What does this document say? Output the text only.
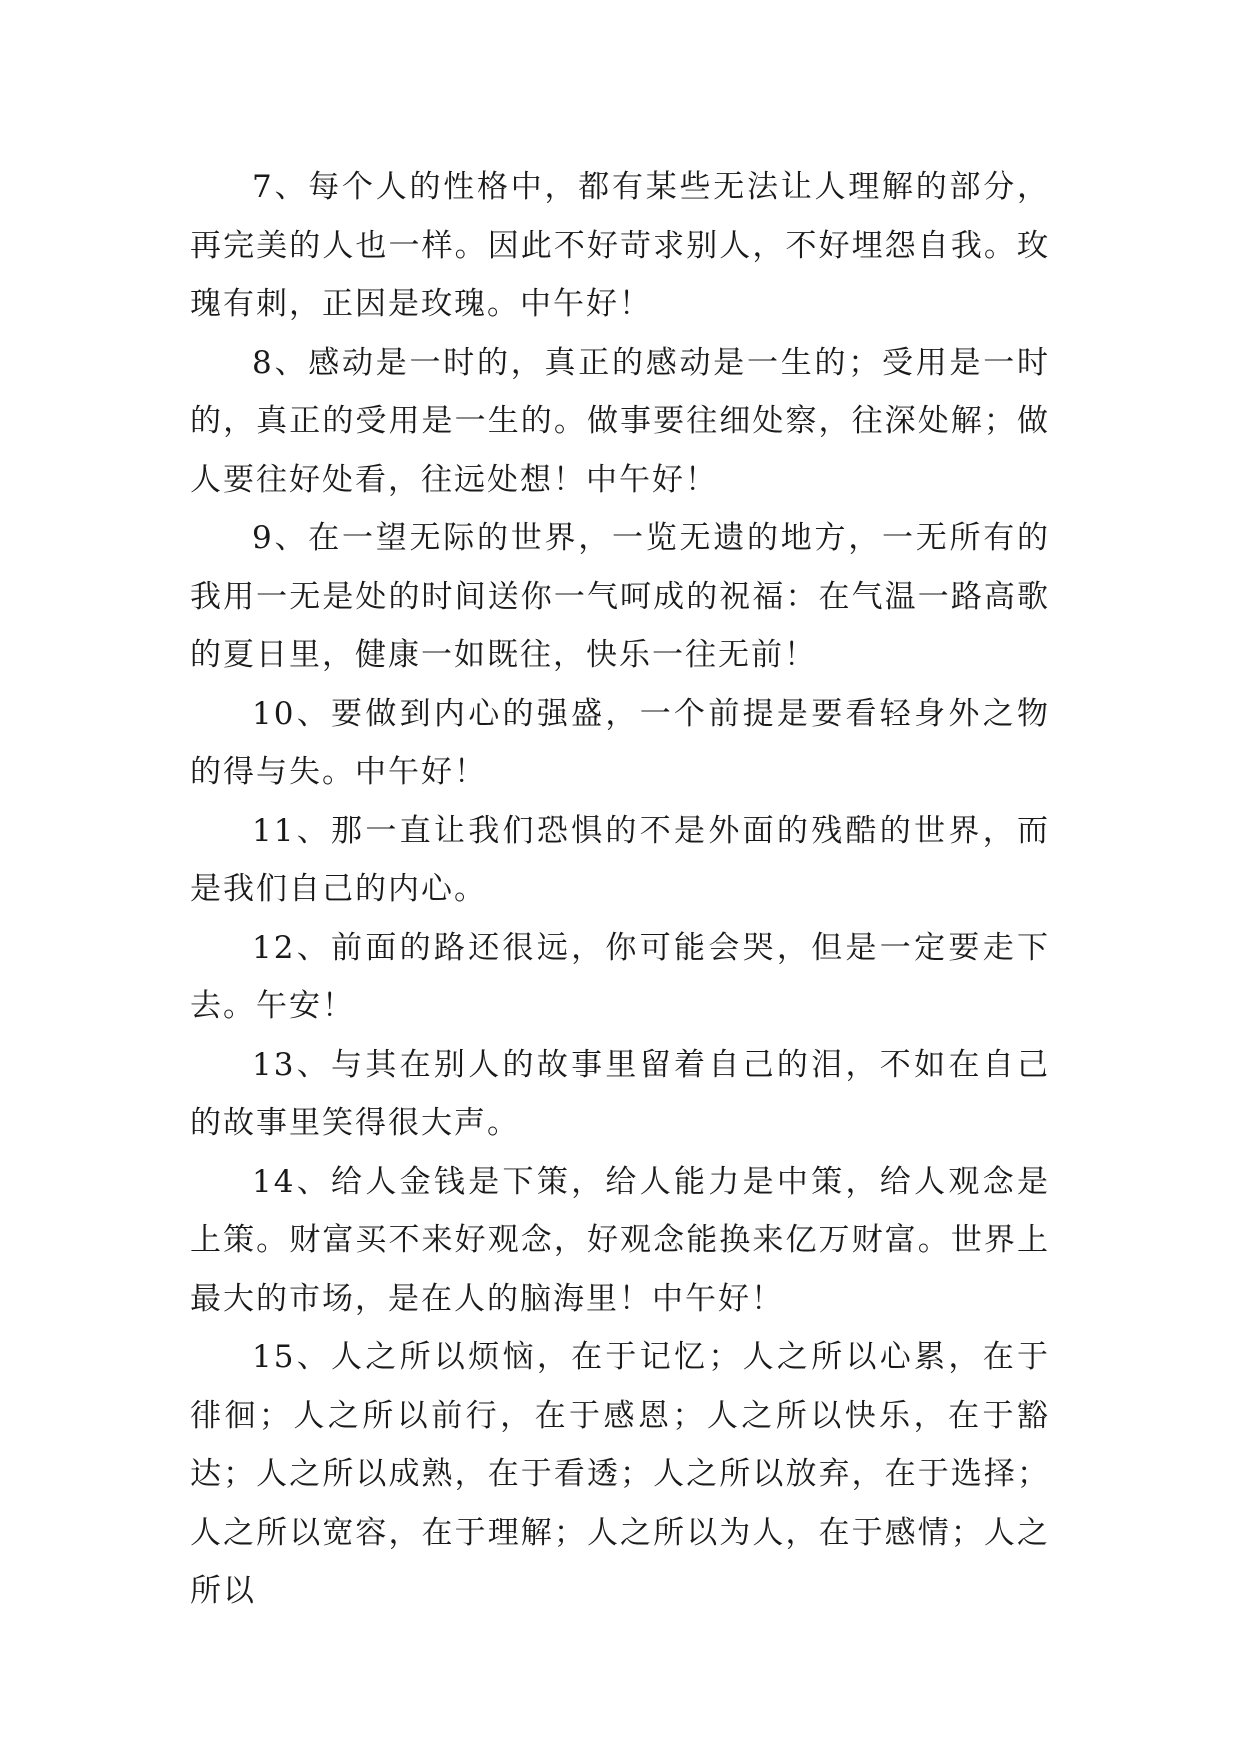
7、每个人的性格中，都有某些无法让人理解的部分，再完美的人也一样。因此不好苛求别人，不好埋怨自我。玫瑰有刺，正因是玫瑰。中午好！

8、感动是一时的，真正的感动是一生的；受用是一时的，真正的受用是一生的。做事要往细处察，往深处解；做人要往好处看，往远处想！中午好！

9、在一望无际的世界，一览无遗的地方，一无所有的我用一无是处的时间送你一气呵成的祝福：在气温一路高歌的夏日里，健康一如既往，快乐一往无前！

10、要做到内心的强盛，一个前提是要看轻身外之物的得与失。中午好！

11、那一直让我们恐惧的不是外面的残酷的世界，而是我们自己的内心。

12、前面的路还很远，你可能会哭，但是一定要走下去。午安！

13、与其在别人的故事里留着自己的泪，不如在自己的故事里笑得很大声。

14、给人金钱是下策，给人能力是中策，给人观念是上策。财富买不来好观念，好观念能换来亿万财富。世界上最大的市场，是在人的脑海里！中午好！

15、人之所以烦恼，在于记忆；人之所以心累，在于徘徊；人之所以前行，在于感恩；人之所以快乐，在于豁达；人之所以成熟，在于看透；人之所以放弃，在于选择；人之所以宽容，在于理解；人之所以为人，在于感情；人之所以
